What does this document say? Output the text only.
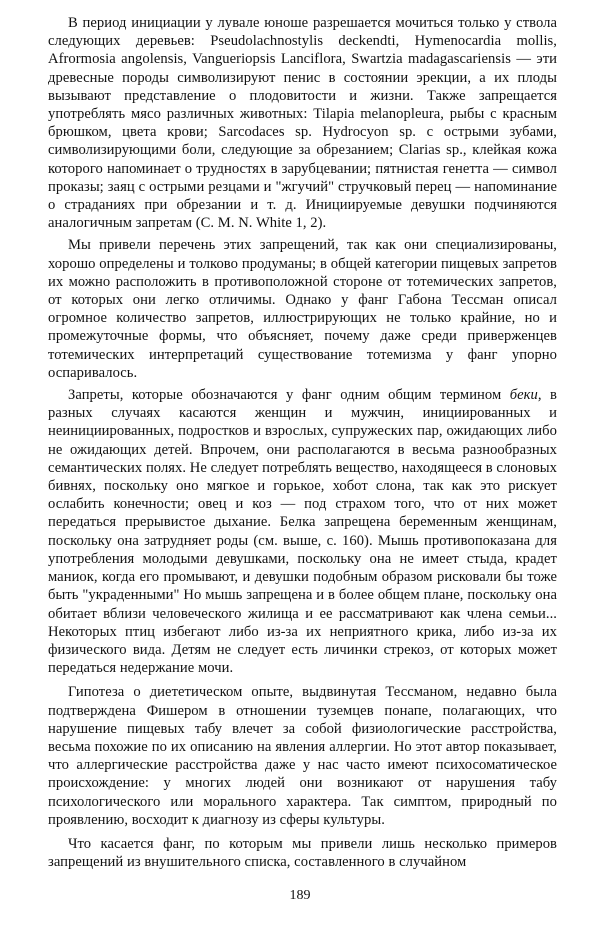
В период инициации у лувале юноше разрешается мочиться только у ствола следующих деревьев: Pseudolachnostylis deckendti, Hymenocardia mollis, Afrormosia angolensis, Vangueriopsis Lanciflora, Swartzia madagascariensis — эти древесные породы символизируют пенис в состоянии эрекции, а их плоды вызывают представление о плодовитости и жизни. Также запрещается употреблять мясо различных животных: Tilapia melanopleura, рыбы с красным брюшком, цвета крови; Sarcodaces sp. Hydrocyon sp. с острыми зубами, символизирующими боли, следующие за обрезанием; Clarias sp., клейкая кожа которого напоминает о трудностях в зарубцевании; пятнистая генетта — символ проказы; заяц с острыми резцами и "жгучий" стручковый перец — напоминание о страданиях при обрезании и т. д. Инициируемые девушки подчиняются аналогичным запретам (С. М. N. White 1, 2).

Мы привели перечень этих запрещений, так как они специализированы, хорошо определены и толково продуманы; в общей категории пищевых запретов их можно расположить в противоположной стороне от тотемических запретов, от которых они легко отличимы. Однако у фанг Габона Тессман описал огромное количество запретов, иллюстрирующих не только крайние, но и промежуточные формы, что объясняет, почему даже среди приверженцев тотемических интерпретаций существование тотемизма у фанг упорно оспаривалось.

Запреты, которые обозначаются у фанг одним общим термином беки, в разных случаях касаются женщин и мужчин, инициированных и неинициированных, подростков и взрослых, супружеских пар, ожидающих либо не ожидающих детей. Впрочем, они располагаются в весьма разнообразных семантических полях. Не следует потреблять вещество, находящееся в слоновых бивнях, поскольку оно мягкое и горькое, хобот слона, так как это рискует ослабить конечности; овец и коз — под страхом того, что от них может передаться прерывистое дыхание. Белка запрещена беременным женщинам, поскольку она затрудняет роды (см. выше, с. 160). Мышь противопоказана для употребления молодыми девушками, поскольку она не имеет стыда, крадет маниок, когда его промывают, и девушки подобным образом рисковали бы тоже быть "украденными" Но мышь запрещена и в более общем плане, поскольку она обитает вблизи человеческого жилища и ее рассматривают как члена семьи... Некоторых птиц избегают либо из-за их неприятного крика, либо из-за их физического вида. Детям не следует есть личинки стрекоз, от которых может передаться недержание мочи.

Гипотеза о диететическом опыте, выдвинутая Тессманом, недавно была подтверждена Фишером в отношении туземцев понапе, полагающих, что нарушение пищевых табу влечет за собой физиологические расстройства, весьма похожие по их описанию на явления аллергии. Но этот автор показывает, что аллергические расстройства даже у нас часто имеют психосоматическое происхождение: у многих людей они возникают от нарушения табу психологического или морального характера. Так симптом, природный по проявлению, восходит к диагнозу из сферы культуры.

Что касается фанг, по которым мы привели лишь несколько примеров запрещений из внушительного списка, составленного в случайном

189
